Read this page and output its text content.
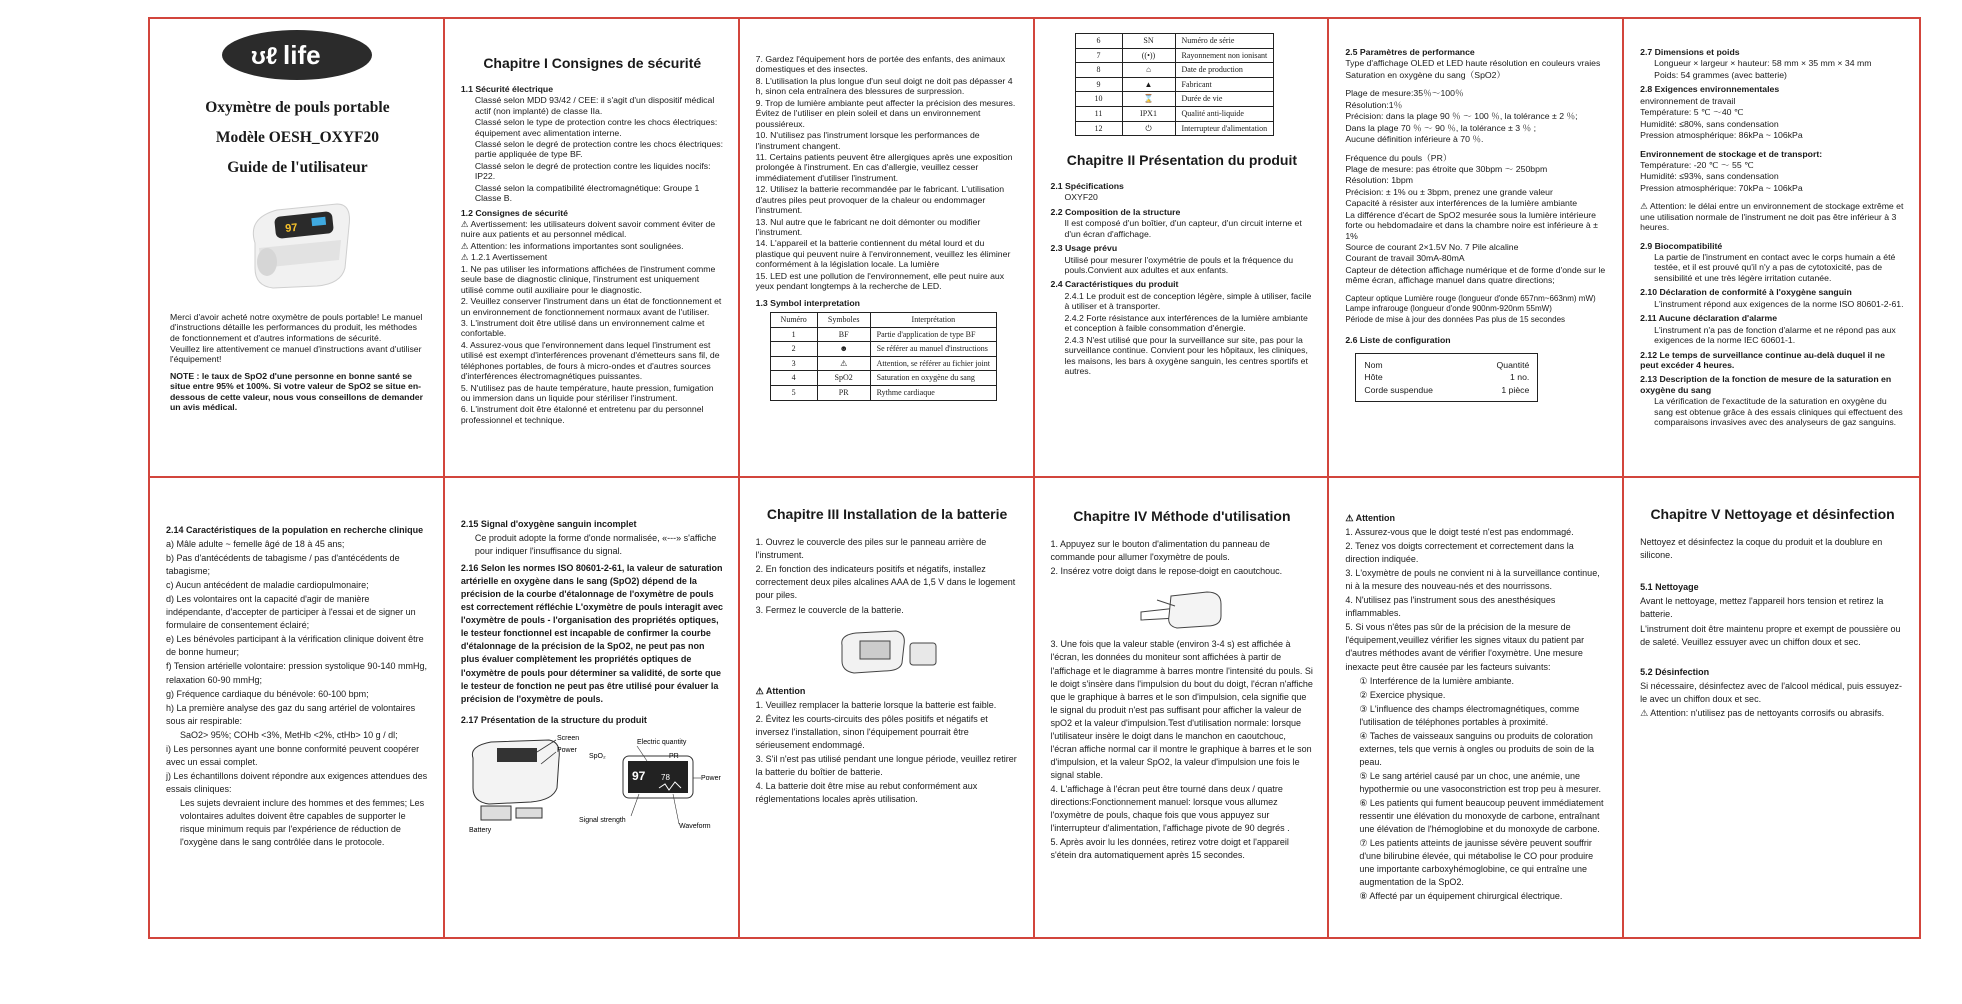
ʊℓ life
Oxymètre de pouls portable
Modèle OESH_OXYF20
Guide de l'utilisateur
97
Merci d'avoir acheté notre oxymètre de pouls portable! Le manuel d'instructions détaille les performances du produit, les méthodes de fonctionnement et d'autres informations de sécurité.
Veuillez lire attentivement ce manuel d'instructions avant d'utiliser l'équipement!
NOTE : le taux de SpO2 d'une personne en bonne santé se situe entre 95% et 100%. Si votre valeur de SpO2 se situe en-dessous de cette valeur, nous vous conseillons de demander un avis médical.
Chapitre I Consignes de sécurité
1.1 Sécurité électrique
Classé selon MDD 93/42 / CEE: il s'agit d'un dispositif médical actif (non implanté) de classe IIa.
Classé selon le type de protection contre les chocs électriques: équipement avec alimentation interne.
Classé selon le degré de protection contre les chocs électriques: partie appliquée de type BF.
Classé selon le degré de protection contre les liquides nocifs: IP22.
Classé selon la compatibilité électromagnétique: Groupe 1 Classe B.
1.2 Consignes de sécurité
⚠ Avertissement: les utilisateurs doivent savoir comment éviter de nuire aux patients et au personnel médical.
⚠ Attention: les informations importantes sont soulignées.
⚠ 1.2.1 Avertissement
1. Ne pas utiliser les informations affichées de l'instrument comme seule base de diagnostic clinique, l'instrument est uniquement utilisé comme outil auxiliaire pour le diagnostic.
2. Veuillez conserver l'instrument dans un état de fonctionnement et un environnement de fonctionnement normaux avant de l'utiliser.
3. L'instrument doit être utilisé dans un environnement calme et confortable.
4. Assurez-vous que l'environnement dans lequel l'instrument est utilisé est exempt d'interférences provenant d'émetteurs sans fil, de téléphones portables, de fours à micro-ondes et d'autres sources d'interférences électromagnétiques puissantes.
5. N'utilisez pas de haute température, haute pression, fumigation ou immersion dans un liquide pour stériliser l'instrument.
6. L'instrument doit être étalonné et entretenu par du personnel professionnel et technique.
7. Gardez l'équipement hors de portée des enfants, des animaux domestiques et des insectes.
8. L'utilisation la plus longue d'un seul doigt ne doit pas dépasser 4 h, sinon cela entraînera des blessures de surpression.
9. Trop de lumière ambiante peut affecter la précision des mesures. Évitez de l'utiliser en plein soleil et dans un environnement poussiéreux.
10. N'utilisez pas l'instrument lorsque les performances de l'instrument changent.
11. Certains patients peuvent être allergiques après une exposition prolongée à l'instrument. En cas d'allergie, veuillez cesser immédiatement d'utiliser l'instrument.
12. Utilisez la batterie recommandée par le fabricant. L'utilisation d'autres piles peut provoquer de la chaleur ou endommager l'instrument.
13. Nul autre que le fabricant ne doit démonter ou modifier l'instrument.
14. L'appareil et la batterie contiennent du métal lourd et du plastique qui peuvent nuire à l'environnement, veuillez les éliminer conformément à la législation locale. La lumière
15. LED est une pollution de l'environnement, elle peut nuire aux yeux pendant longtemps à la recherche de LED.
1.3 Symbol interpretation
Numéro	Symboles	Interprétation
1	BF	Partie d'application de type BF
2	☻	Se référer au manuel d'instructions
3	⚠	Attention, se référer au fichier joint
4	SpO2	Saturation en oxygène du sang
5	PR	Rythme cardiaque
6	SN	Numéro de série
7	((•))	Rayonnement non ionisant
8	⌂	Date de production
9	▲	Fabricant
10	⌛	Durée de vie
11	IPX1	Qualité anti-liquide
12	⏻	Interrupteur d'alimentation
Chapitre II Présentation du produit
2.1 Spécifications
OXYF20
2.2 Composition de la structure
Il est composé d'un boîtier, d'un capteur, d'un circuit interne et d'un écran d'affichage.
2.3 Usage prévu
Utilisé pour mesurer l'oxymétrie de pouls et la fréquence du pouls.Convient aux adultes et aux enfants.
2.4 Caractéristiques du produit
2.4.1 Le produit est de conception légère, simple à utiliser, facile à utiliser et à transporter.
2.4.2 Forte résistance aux interférences de la lumière ambiante et conception à faible consommation d'énergie.
2.4.3 N'est utilisé que pour la surveillance sur site, pas pour la surveillance continue. Convient pour les hôpitaux, les cliniques, les maisons, les bars à oxygène sanguin, les centres sportifs et autres.
2.5 Paramètres de performance
Type d'affichage OLED et LED haute résolution en couleurs vraies
Saturation en oxygène du sang（SpO2）
Plage de mesure:35％～100％
Résolution:1％
Précision: dans la plage 90 ％ ～ 100 ％, la tolérance ± 2 ％;
Dans la plage 70 ％ ～ 90 ％, la tolérance ± 3 ％ ;
Aucune définition inférieure à 70 ％.
Fréquence du pouls（PR）
Plage de mesure: pas étroite que 30bpm ～ 250bpm
Résolution: 1bpm
Précision: ± 1% ou ± 3bpm, prenez une grande valeur
Capacité à résister aux interférences de la lumière ambiante
La différence d'écart de SpO2 mesurée sous la lumière intérieure forte ou hebdomadaire et dans la chambre noire est inférieure à ± 1%
Source de courant 2×1.5V No. 7 Pile alcaline
Courant de travail 30mA-80mA
Capteur de détection affichage numérique et de forme d'onde sur le même écran, affichage manuel dans quatre directions;
Capteur optique Lumière rouge (longueur d'onde 657nm~663nm) mW)
Lampe infrarouge (longueur d'onde 900nm-920nm 55mW)
Période de mise à jour des données Pas plus de 15 secondes
2.6 Liste de configuration
Nom	Quantité
Hôte	1 no.
Corde suspendue	1 pièce
2.7 Dimensions et poids
Longueur × largeur × hauteur: 58 mm × 35 mm × 34 mm
Poids: 54 grammes (avec batterie)
2.8 Exigences environnementales
environnement de travail
Température: 5 ℃ ～40 ℃
Humidité: ≤80%, sans condensation
Pression atmosphérique: 86kPa ~ 106kPa
Environnement de stockage et de transport:
Température: -20 ℃ ～ 55 ℃
Humidité: ≤93%, sans condensation
Pression atmosphérique: 70kPa ~ 106kPa
⚠ Attention: le délai entre un environnement de stockage extrême et une utilisation normale de l'instrument ne doit pas être inférieur à 3 heures.
2.9 Biocompatibilité
La partie de l'instrument en contact avec le corps humain a été testée, et il est prouvé qu'il n'y a pas de cytotoxicité, pas de sensibilité et une très légère irritation cutanée.
2.10 Déclaration de conformité à l'oxygène sanguin
L'instrument répond aux exigences de la norme ISO 80601-2-61.
2.11 Aucune déclaration d'alarme
L'instrument n'a pas de fonction d'alarme et ne répond pas aux exigences de la norme IEC 60601-1.
2.12 Le temps de surveillance continue au-delà duquel il ne peut excéder 4 heures.
2.13 Description de la fonction de mesure de la saturation en oxygène du sang
La vérification de l'exactitude de la saturation en oxygène du sang est obtenue grâce à des essais cliniques qui effectuent des comparaisons invasives avec des analyseurs de gaz sanguins.
2.14 Caractéristiques de la population en recherche clinique
a) Mâle adulte ~ femelle âgé de 18 à 45 ans;
b) Pas d'antécédents de tabagisme / pas d'antécédents de tabagisme;
c) Aucun antécédent de maladie cardiopulmonaire;
d) Les volontaires ont la capacité d'agir de manière indépendante, d'accepter de participer à l'essai et de signer un formulaire de consentement éclairé;
e) Les bénévoles participant à la vérification clinique doivent être de bonne humeur;
f) Tension artérielle volontaire: pression systolique 90-140 mmHg, relaxation 60-90 mmHg;
g) Fréquence cardiaque du bénévole: 60-100 bpm;
h) La première analyse des gaz du sang artériel de volontaires sous air respirable:
SaO2> 95%; COHb <3%, MetHb <2%, ctHb> 10 g / dl;
i) Les personnes ayant une bonne conformité peuvent coopérer avec un essai complet.
j) Les échantillons doivent répondre aux exigences attendues des essais cliniques:
Les sujets devraient inclure des hommes et des femmes; Les volontaires adultes doivent être capables de supporter le risque minimum requis par l'expérience de réduction de l'oxygène dans le sang contrôlée dans le protocole.
2.15 Signal d'oxygène sanguin incomplet
Ce produit adopte la forme d'onde normalisée, «---» s'affiche pour indiquer l'insuffisance du signal.
2.16 Selon les normes ISO 80601-2-61, la valeur de saturation artérielle en oxygène dans le sang (SpO2) dépend de la précision de la courbe d'étalonnage de l'oxymètre de pouls est correctement réfléchie L'oxymètre de pouls interagit avec l'oxymètre de pouls - l'organisation des propriétés optiques, le testeur fonctionnel est incapable de confirmer la courbe d'étalonnage de la précision de la SpO2, ne peut pas non plus évaluer complètement les propriétés optiques de l'oxymètre de pouls pour déterminer sa validité, de sorte que le testeur de fonction ne peut pas être utilisé pour évaluer la précision de l'oxymètre de pouls.
2.17 Présentation de la structure du produit
Screen
Power
Battery
97 78
Electric quantity
SpO₂	PR
Power
Signal strength
Waveform
Chapitre III Installation de la batterie
1. Ouvrez le couvercle des piles sur le panneau arrière de l'instrument.
2. En fonction des indicateurs positifs et négatifs, installez correctement deux piles alcalines AAA de 1,5 V dans le logement pour piles.
3. Fermez le couvercle de la batterie.
⚠ Attention
1. Veuillez remplacer la batterie lorsque la batterie est faible.
2. Évitez les courts-circuits des pôles positifs et négatifs et inversez l'installation, sinon l'équipement pourrait être sérieusement endommagé.
3. S'il n'est pas utilisé pendant une longue période, veuillez retirer la batterie du boîtier de batterie.
4. La batterie doit être mise au rebut conformément aux réglementations locales après utilisation.
Chapitre IV Méthode d'utilisation
1. Appuyez sur le bouton d'alimentation du panneau de commande pour allumer l'oxymètre de pouls.
2. Insérez votre doigt dans le repose-doigt en caoutchouc.
3. Une fois que la valeur stable (environ 3-4 s) est affichée à l'écran, les données du moniteur sont affichées à partir de l'affichage et le diagramme à barres montre l'intensité du pouls. Si le doigt s'insère dans l'impulsion du bout du doigt, l'écran n'affiche que le graphique à barres et le son d'impulsion, cela signifie que le signal du produit n'est pas suffisant pour afficher la valeur de spO2 et la valeur d'impulsion.Test d'utilisation normale: lorsque l'utilisateur insère le doigt dans le manchon en caoutchouc, l'écran affiche normal car il montre le graphique à barres et le son d'impulsion, et la valeur SpO2, la valeur d'impulsion une fois le signal stable.
4. L'affichage à l'écran peut être tourné dans deux / quatre directions:Fonctionnement manuel: lorsque vous allumez l'oxymètre de pouls, chaque fois que vous appuyez sur l'interrupteur d'alimentation, l'affichage pivote de 90 degrés .
5. Après avoir lu les données, retirez votre doigt et l'appareil s'étein dra automatiquement après 15 secondes.
⚠ Attention
1. Assurez-vous que le doigt testé n'est pas endommagé.
2. Tenez vos doigts correctement et correctement dans la direction indiquée.
3. L'oxymètre de pouls ne convient ni à la surveillance continue, ni à la mesure des nouveau-nés et des nourrissons.
4. N'utilisez pas l'instrument sous des anesthésiques inflammables.
5. Si vous n'êtes pas sûr de la précision de la mesure de l'équipement,veuillez vérifier les signes vitaux du patient par d'autres méthodes avant de vérifier l'oxymètre. Une mesure inexacte peut être causée par les facteurs suivants:
① Interférence de la lumière ambiante.
② Exercice physique.
③ L'influence des champs électromagnétiques, comme l'utilisation de téléphones portables à proximité.
④ Taches de vaisseaux sanguins ou produits de coloration externes, tels que vernis à ongles ou produits de soin de la peau.
⑤ Le sang artériel causé par un choc, une anémie, une hypothermie ou une vasoconstriction est trop peu à mesurer.
⑥ Les patients qui fument beaucoup peuvent immédiatement ressentir une élévation du monoxyde de carbone, entraînant une élévation de l'hémoglobine et du monoxyde de carbone.
⑦ Les patients atteints de jaunisse sévère peuvent souffrir d'une bilirubine élevée, qui métabolise le CO pour produire une importante carboxyhémoglobine, ce qui entraîne une augmentation de la SpO2.
⑧ Affecté par un équipement chirurgical électrique.
Chapitre V Nettoyage et désinfection
Nettoyez et désinfectez la coque du produit et la doublure en silicone.
5.1 Nettoyage
Avant le nettoyage, mettez l'appareil hors tension et retirez la batterie.
L'instrument doit être maintenu propre et exempt de poussière ou de saleté. Veuillez essuyer avec un chiffon doux et sec.
5.2 Désinfection
Si nécessaire, désinfectez avec de l'alcool médical, puis essuyez-le avec un chiffon doux et sec.
⚠ Attention: n'utilisez pas de nettoyants corrosifs ou abrasifs.
